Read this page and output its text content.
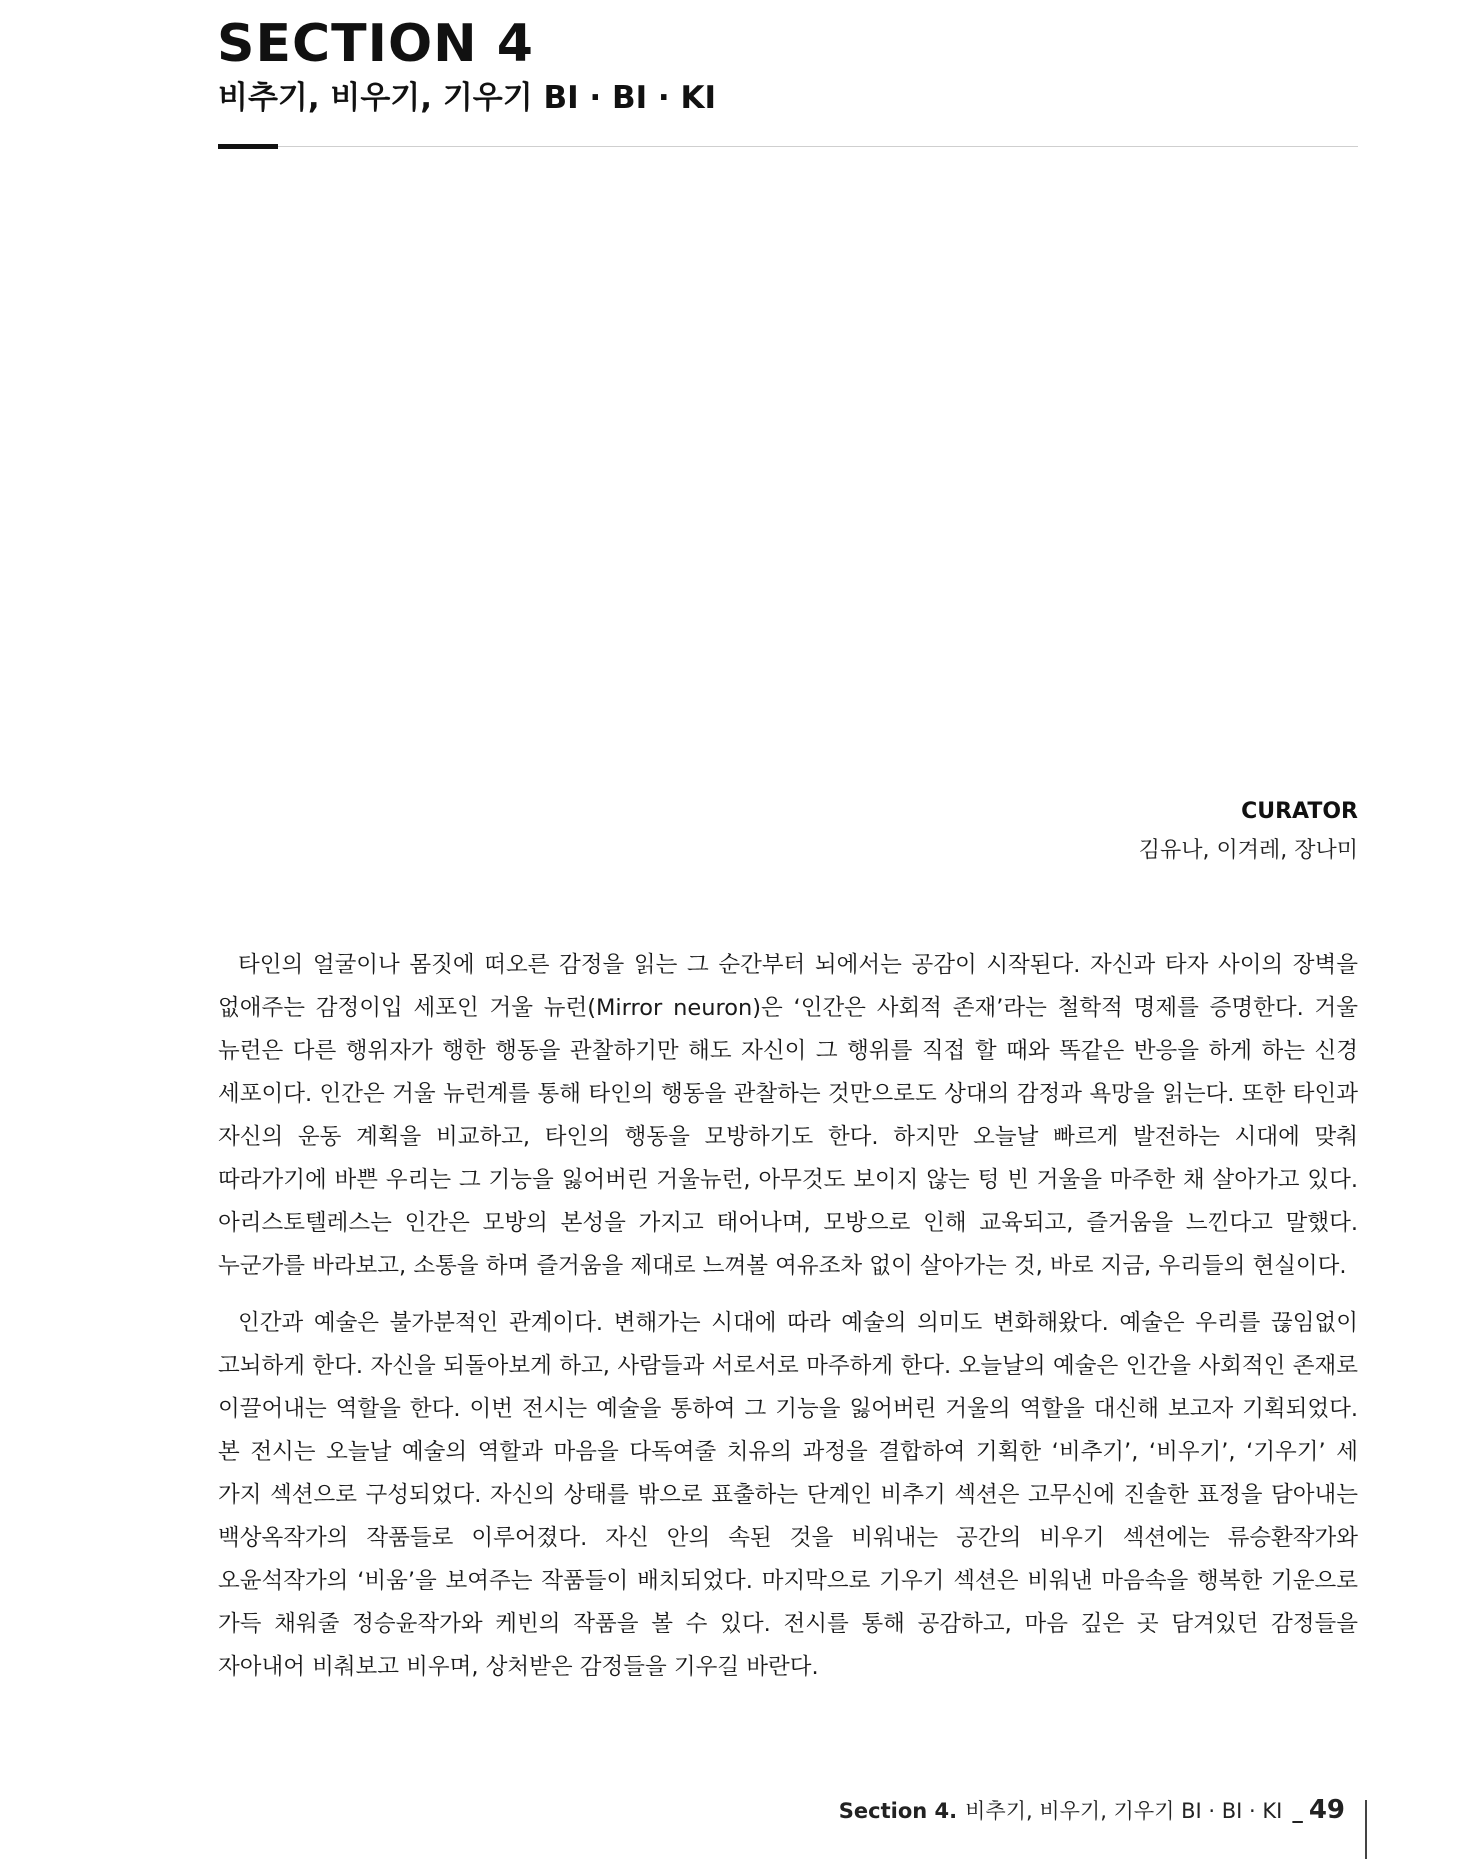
SECTION 4
비추기, 비우기, 기우기 BI · BI · KI
CURATOR
김유나, 이겨레, 장나미

타인의 얼굴이나 몸짓에 떠오른 감정을 읽는 그 순간부터 뇌에서는 공감이 시작된다. 자신과 타자 사이의 장벽을 없애주는 감정이입 세포인 거울 뉴런(Mirror neuron)은 ‘인간은 사회적 존재’라는 철학적 명제를 증명한다. 거울 뉴런은 다른 행위자가 행한 행동을 관찰하기만 해도 자신이 그 행위를 직접 할 때와 똑같은 반응을 하게 하는 신경 세포이다. 인간은 거울 뉴런계를 통해 타인의 행동을 관찰하는 것만으로도 상대의 감정과 욕망을 읽는다. 또한 타인과 자신의 운동 계획을 비교하고, 타인의 행동을 모방하기도 한다. 하지만 오늘날 빠르게 발전하는 시대에 맞춰 따라가기에 바쁜 우리는 그 기능을 잃어버린 거울뉴런, 아무것도 보이지 않는 텅 빈 거울을 마주한 채 살아가고 있다. 아리스토텔레스는 인간은 모방의 본성을 가지고 태어나며, 모방으로 인해 교육되고, 즐거움을 느낀다고 말했다. 누군가를 바라보고, 소통을 하며 즐거움을 제대로 느껴볼 여유조차 없이 살아가는 것, 바로 지금, 우리들의 현실이다.

인간과 예술은 불가분적인 관계이다. 변해가는 시대에 따라 예술의 의미도 변화해왔다. 예술은 우리를 끊임없이 고뇌하게 한다. 자신을 되돌아보게 하고, 사람들과 서로서로 마주하게 한다. 오늘날의 예술은 인간을 사회적인 존재로 이끌어내는 역할을 한다. 이번 전시는 예술을 통하여 그 기능을 잃어버린 거울의 역할을 대신해 보고자 기획되었다. 본 전시는 오늘날 예술의 역할과 마음을 다독여줄 치유의 과정을 결합하여 기획한 ‘비추기’, ‘비우기’, ‘기우기’ 세 가지 섹션으로 구성되었다. 자신의 상태를 밖으로 표출하는 단계인 비추기 섹션은 고무신에 진솔한 표정을 담아내는 백상옥작가의 작품들로 이루어졌다. 자신 안의 속된 것을 비워내는 공간의 비우기 섹션에는 류승환작가와 오윤석작가의 ‘비움’을 보여주는 작품들이 배치되었다. 마지막으로 기우기 섹션은 비워낸 마음속을 행복한 기운으로 가득 채워줄 정승윤작가와 케빈의 작품을 볼 수 있다. 전시를 통해 공감하고, 마음 깊은 곳 담겨있던 감정들을 자아내어 비춰보고 비우며, 상처받은 감정들을 기우길 바란다.

Section 4. 비추기, 비우기, 기우기 BI · BI · KI _ 49
